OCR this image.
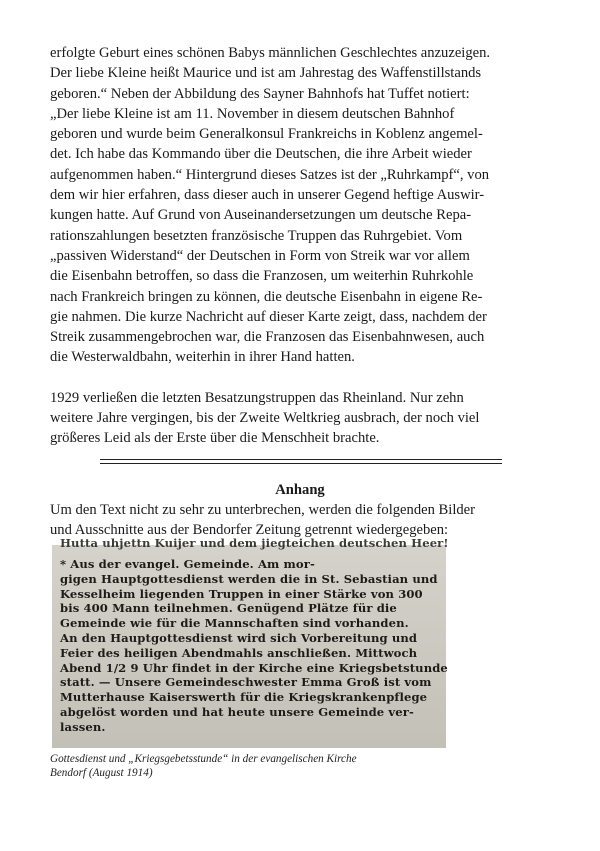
erfolgte Geburt eines schönen Babys männlichen Geschlechtes anzuzeigen.
Der liebe Kleine heißt Maurice und ist am Jahrestag des Waffenstillstands
geboren.“ Neben der Abbildung des Sayner Bahnhofs hat Tuffet notiert:
„Der liebe Kleine ist am 11. November in diesem deutschen Bahnhof
geboren und wurde beim Generalkonsul Frankreichs in Koblenz angemel-
det. Ich habe das Kommando über die Deutschen, die ihre Arbeit wieder
aufgenommen haben.“ Hintergrund dieses Satzes ist der „Ruhrkampf“, von
dem wir hier erfahren, dass dieser auch in unserer Gegend heftige Auswir-
kungen hatte. Auf Grund von Auseinandersetzungen um deutsche Repa-
rationszahlungen besetzten französische Truppen das Ruhrgebiet. Vom
„passiven Widerstand“ der Deutschen in Form von Streik war vor allem
die Eisenbahn betroffen, so dass die Franzosen, um weiterhin Ruhrkohle
nach Frankreich bringen zu können, die deutsche Eisenbahn in eigene Re-
gie nahmen. Die kurze Nachricht auf dieser Karte zeigt, dass, nachdem der
Streik zusammengebrochen war, die Franzosen das Eisenbahnwesen, auch
die Westerwaldbahn, weiterhin in ihrer Hand hatten.
1929 verließen die letzten Besatzungstruppen das Rheinland. Nur zehn
weitere Jahre vergingen, bis der Zweite Weltkrieg ausbrach, der noch viel
größeres Leid als der Erste über die Menschheit brachte.
Anhang
Um den Text nicht zu sehr zu unterbrechen, werden die folgenden Bilder
und Ausschnitte aus der Bendorfer Zeitung getrennt wiedergegeben:
Hutta uhjettn Kuijer und dem jiegteichen deutschen Heer!
* Aus der evangel. Gemeinde. Am mor-
gigen Hauptgottesdienst werden die in St. Sebastian und
Kesselheim liegenden Truppen in einer Stärke von 300
bis 400 Mann teilnehmen. Genügend Plätze für die
Gemeinde wie für die Mannschaften sind vorhanden.
An den Hauptgottesdienst wird sich Vorbereitung und
Feier des heiligen Abendmahls anschließen. Mittwoch
Abend 1/2 9 Uhr findet in der Kirche eine Kriegsbetstunde
statt. — Unsere Gemeindeschwester Emma Groß ist vom
Mutterhause Kaiserswerth für die Kriegskrankenpflege
abgelöst worden und hat heute unsere Gemeinde ver-
lassen.
Gottesdienst und „Kriegsgebetsstunde“ in der evangelischen Kirche
Bendorf (August 1914)
